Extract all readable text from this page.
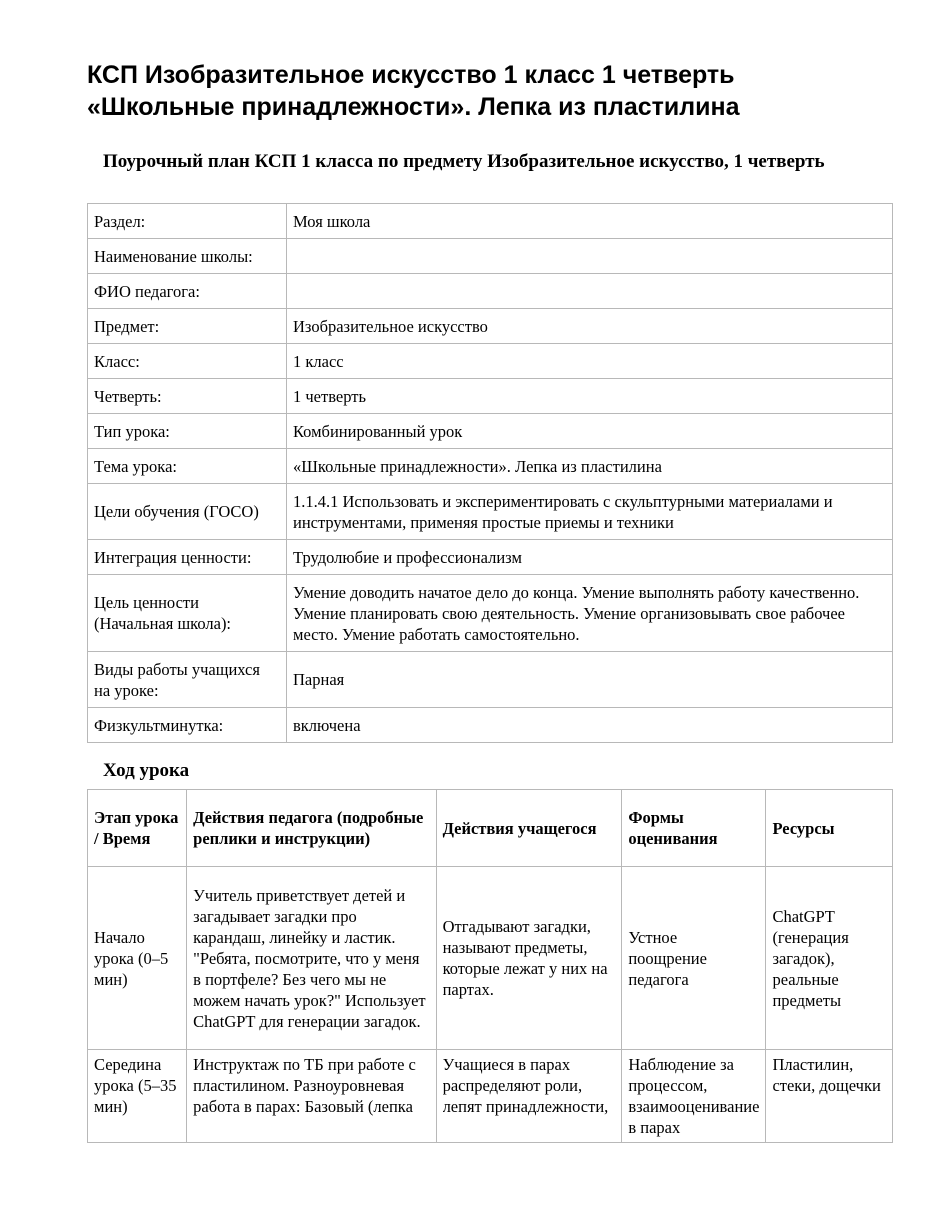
КСП Изобразительное искусство 1 класс 1 четверть
«Школьные принадлежности». Лепка из пластилина
Поурочный план КСП 1 класса по предмету Изобразительное искусство, 1 четверть
Раздел:	Моя школа
Наименование школы:	
ФИО педагога:	
Предмет:	Изобразительное искусство
Класс:	1 класс
Четверть:	1 четверть
Тип урока:	Комбинированный урок
Тема урока:	«Школьные принадлежности». Лепка из пластилина
Цели обучения (ГОСО)	1.1.4.1 Использовать и экспериментировать с скульптурными материалами и инструментами, применяя простые приемы и техники
Интеграция ценности:	Трудолюбие и профессионализм
Цель ценности (Начальная школа):	Умение доводить начатое дело до конца. Умение выполнять работу качественно. Умение планировать свою деятельность. Умение организовывать свое рабочее место. Умение работать самостоятельно.
Виды работы учащихся на уроке:	Парная
Физкультминутка:	включена
Ход урока
Этап урока / Время	Действия педагога (подробные реплики и инструкции)	Действия учащегося	Формы оценивания	Ресурсы
Начало урока (0–5 мин)	Учитель приветствует детей и загадывает загадки про карандаш, линейку и ластик. "Ребята, посмотрите, что у меня в портфеле? Без чего мы не можем начать урок?" Использует ChatGPT для генерации загадок.	Отгадывают загадки, называют предметы, которые лежат у них на партах.	Устное поощрение педагога	ChatGPT (генерация загадок), реальные предметы

Середина урока (5–35 мин)	Инструктаж по ТБ при работе с пластилином. Разноуровневая работа в парах: Базовый (лепка	Учащиеся в парах распределяют роли, лепят принадлежности,	Наблюдение за процессом, взаимооценивание в парах	Пластилин, стеки, дощечки
